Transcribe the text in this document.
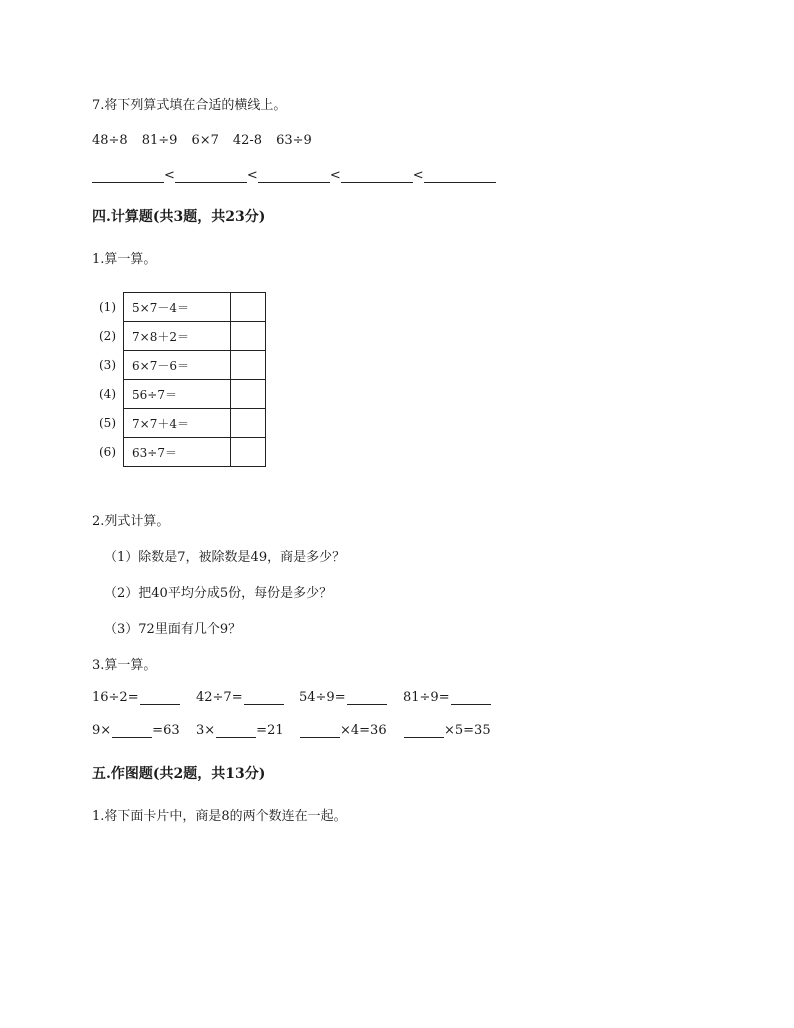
7.将下列算式填在合适的横线上。
48÷8 81÷9 6×7 42-8 63÷9
<	<	<	<
四.计算题(共3题，共23分)
1.算一算。
(1)	5×7－4＝	
(2)	7×8＋2＝	
(3)	6×7－6＝	
(4)	56÷7＝	
(5)	7×7＋4＝	
(6)	63÷7＝	
2.列式计算。
（1）除数是7，被除数是49，商是多少？
（2）把40平均分成5份，每份是多少？
（3）72里面有几个9？
3.算一算。
16÷2=	42÷7=	54÷9=	81÷9=
9×	=63 3×	=21	×4=36	×5=35
五.作图题(共2题，共13分)
1.将下面卡片中，商是8的两个数连在一起。
